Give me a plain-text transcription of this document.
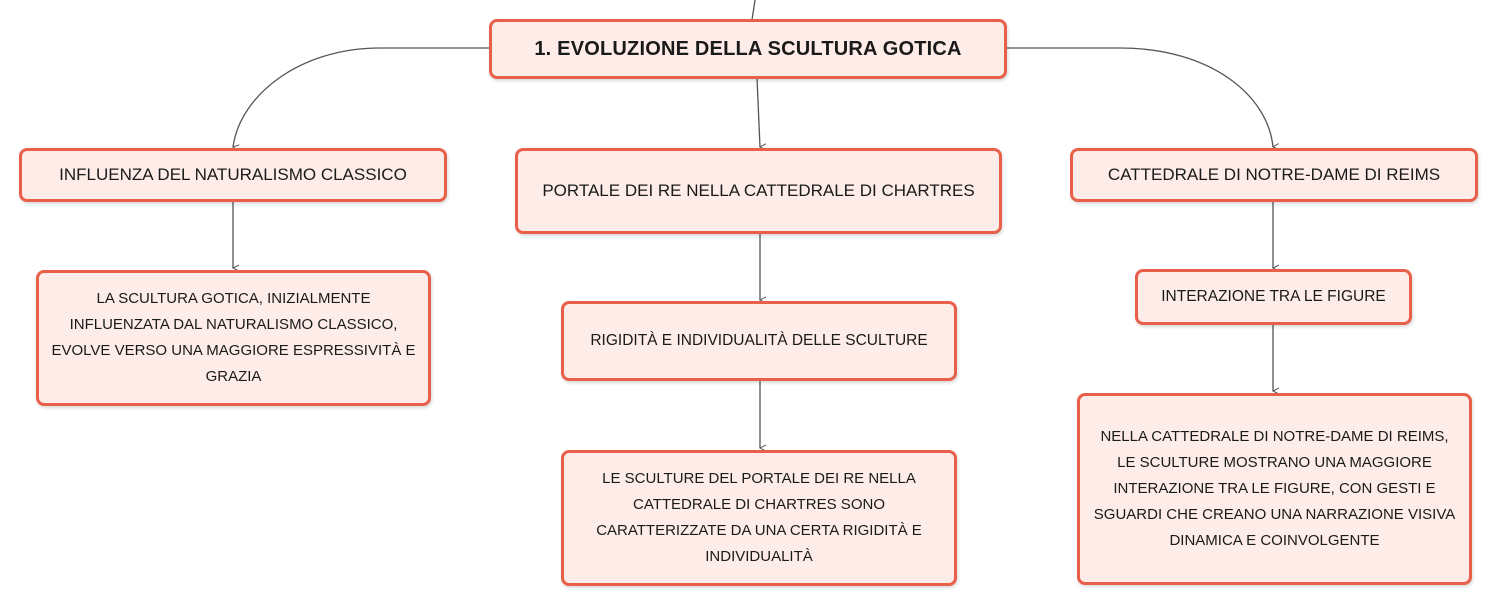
1. EVOLUZIONE DELLA SCULTURA GOTICA
INFLUENZA DEL NATURALISMO CLASSICO
PORTALE DEI RE NELLA CATTEDRALE DI CHARTRES
CATTEDRALE DI NOTRE-DAME DI REIMS
LA SCULTURA GOTICA, INIZIALMENTE INFLUENZATA DAL NATURALISMO CLASSICO, EVOLVE VERSO UNA MAGGIORE ESPRESSIVITÀ E GRAZIA
RIGIDITÀ E INDIVIDUALITÀ DELLE SCULTURE
LE SCULTURE DEL PORTALE DEI RE NELLA CATTEDRALE DI CHARTRES SONO CARATTERIZZATE DA UNA CERTA RIGIDITÀ E INDIVIDUALITÀ
INTERAZIONE TRA LE FIGURE
NELLA CATTEDRALE DI NOTRE-DAME DI REIMS, LE SCULTURE MOSTRANO UNA MAGGIORE INTERAZIONE TRA LE FIGURE, CON GESTI E SGUARDI CHE CREANO UNA NARRAZIONE VISIVA DINAMICA E COINVOLGENTE
